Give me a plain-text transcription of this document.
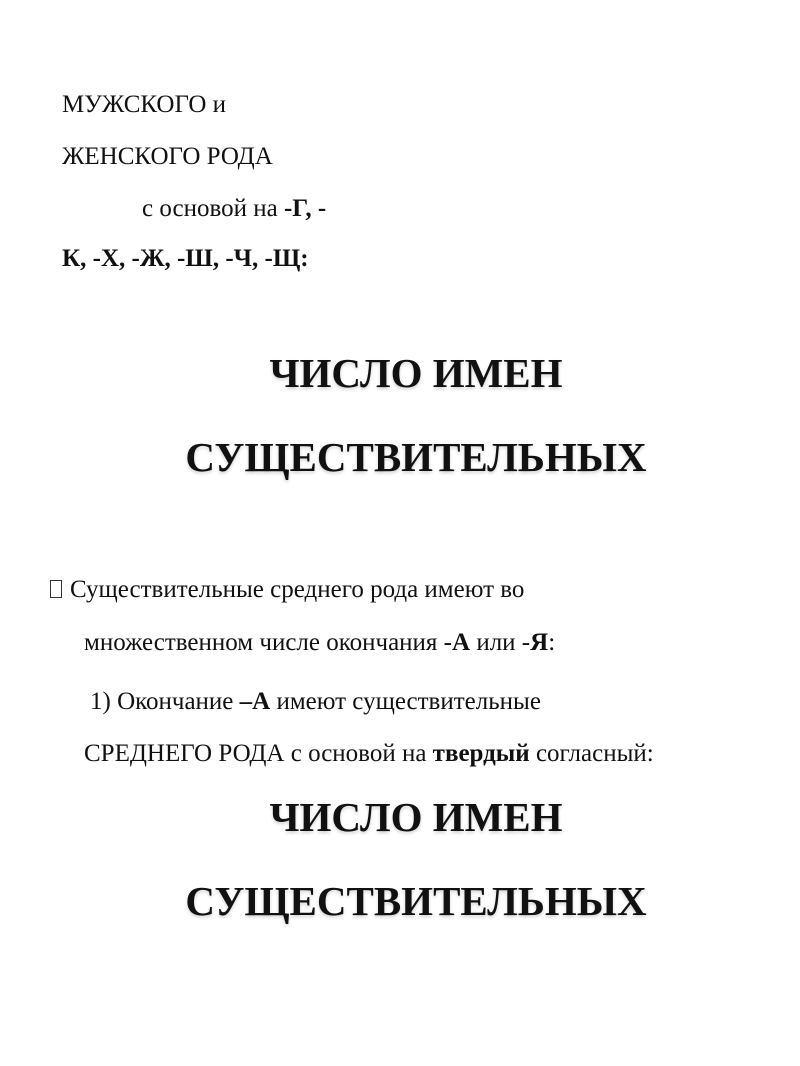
МУЖСКОГО и
ЖЕНСКОГО РОДА
с основой на -Г, -
К, -Х, -Ж, -Ш, -Ч, -Щ:
ЧИСЛО ИМЕН
СУЩЕСТВИТЕЛЬНЫХ
Существительные среднего рода имеют во
множественном числе окончания -А или -Я:
1) Окончание –А имеют существительные
СРЕДНЕГО РОДА с основой на твердый согласный:
ЧИСЛО ИМЕН
СУЩЕСТВИТЕЛЬНЫХ
